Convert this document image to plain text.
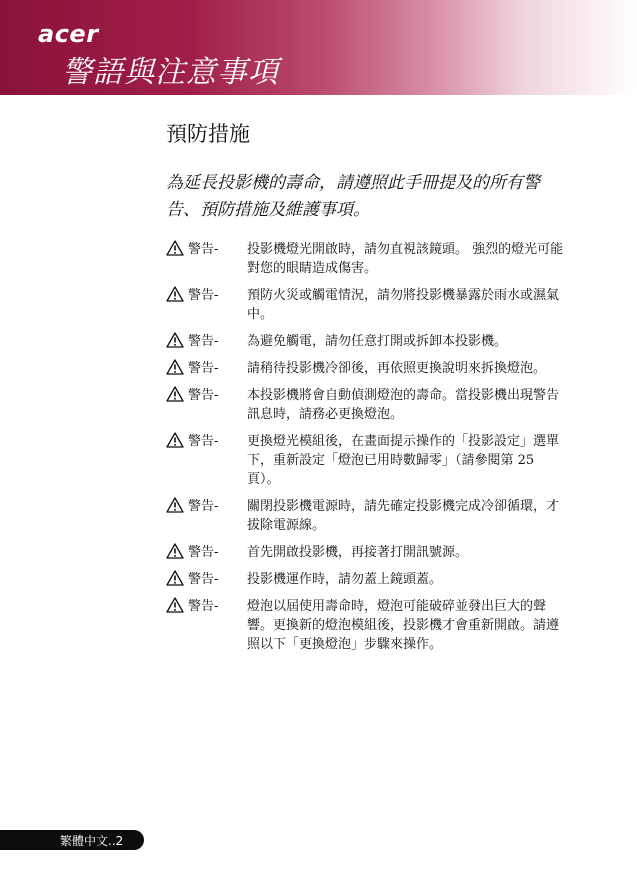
acer
警語與注意事項
預防措施
為延長投影機的壽命，請遵照此手冊提及的所有警告、預防措施及維護事項。
警告-	投影機燈光開啟時，請勿直視該鏡頭。 強烈的燈光可能對您的眼睛造成傷害。
警告-	預防火災或觸電情況，請勿將投影機暴露於雨水或濕氣中。
警告-	為避免觸電，請勿任意打開或拆卸本投影機。
警告-	請稍待投影機冷卻後，再依照更換說明來拆換燈泡。
警告-	本投影機將會自動偵測燈泡的壽命。當投影機出現警告訊息時，請務必更換燈泡。
警告-	更換燈光模組後，在畫面提示操作的「投影設定」選單下，重新設定「燈泡已用時數歸零」（請參閱第 25 頁）。
警告-	關閉投影機電源時，請先確定投影機完成冷卻循環，才拔除電源線。
警告-	首先開啟投影機，再接著打開訊號源。
警告-	投影機運作時，請勿蓋上鏡頭蓋。
警告-	燈泡以屆使用壽命時，燈泡可能破碎並發出巨大的聲響。更換新的燈泡模組後，投影機才會重新開啟。請遵照以下「更換燈泡」步驟來操作。
繁體中文..2
